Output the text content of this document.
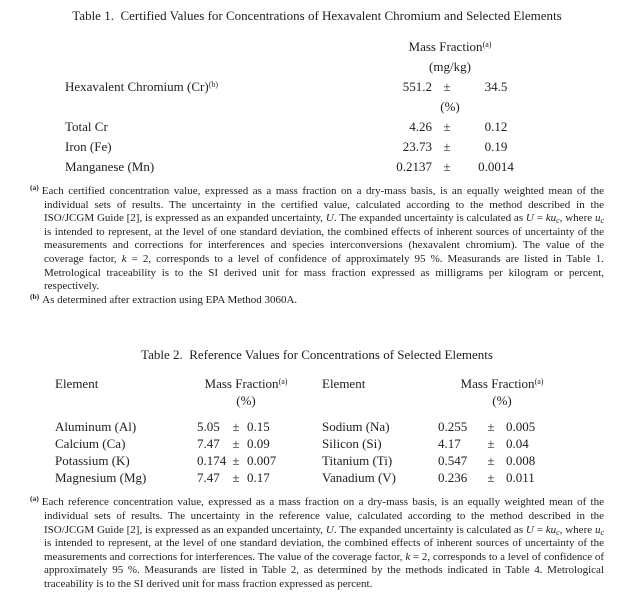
Table 1.  Certified Values for Concentrations of Hexavalent Chromium and Selected Elements
Mass Fraction$^{(a)}$
(mg/kg)
Hexavalent Chromium (Cr)$^{(b)}$	551.2 ±	34.5
(%)
Total Cr	4.26 ±	0.12
Iron (Fe)	23.73 ±	0.19
Manganese (Mn)	0.2137 ±	0.0014
$^{(a)}$ Each certified concentration value, expressed as a mass fraction on a dry-mass basis, is an equally weighted mean of the individual sets of results. The uncertainty in the certified value, calculated according to the method described in the ISO/JCGM Guide [2], is expressed as an expanded uncertainty, U. The expanded uncertainty is calculated as U = kuc, where uc is intended to represent, at the level of one standard deviation, the combined effects of inherent sources of uncertainty of the measurements and corrections for interferences and species interconversions (hexavalent chromium). The value of the coverage factor, k = 2, corresponds to a level of confidence of approximately 95 %. Measurands are listed in Table 1. Metrological traceability is to the SI derived unit for mass fraction expressed as milligrams per kilogram or percent, respectively.
$^{(b)}$ As determined after extraction using EPA Method 3060A.
Table 2.  Reference Values for Concentrations of Selected Elements
Element	Mass Fraction$^{(a)}$	Element	Mass Fraction$^{(a)}$
(%)	(%)
Aluminum (Al)	5.05 ± 0.15	Sodium (Na)	0.255	± 0.005
Calcium (Ca)	7.47 ± 0.09	Silicon (Si)	4.17	± 0.04
Potassium (K)	0.174 ± 0.007	Titanium (Ti)	0.547	± 0.008
Magnesium (Mg)	7.47 ± 0.17	Vanadium (V)	0.236	± 0.011
$^{(a)}$ Each reference concentration value, expressed as a mass fraction on a dry-mass basis, is an equally weighted mean of the individual sets of results. The uncertainty in the reference value, calculated according to the method described in the ISO/JCGM Guide [2], is expressed as an expanded uncertainty, U. The expanded uncertainty is calculated as U = kuc, where uc is intended to represent, at the level of one standard deviation, the combined effects of inherent sources of uncertainty of the measurements and corrections for interferences. The value of the coverage factor, k = 2, corresponds to a level of confidence of approximately 95 %. Measurands are listed in Table 2, as determined by the methods indicated in Table 4. Metrological traceability is to the SI derived unit for mass fraction expressed as percent.
